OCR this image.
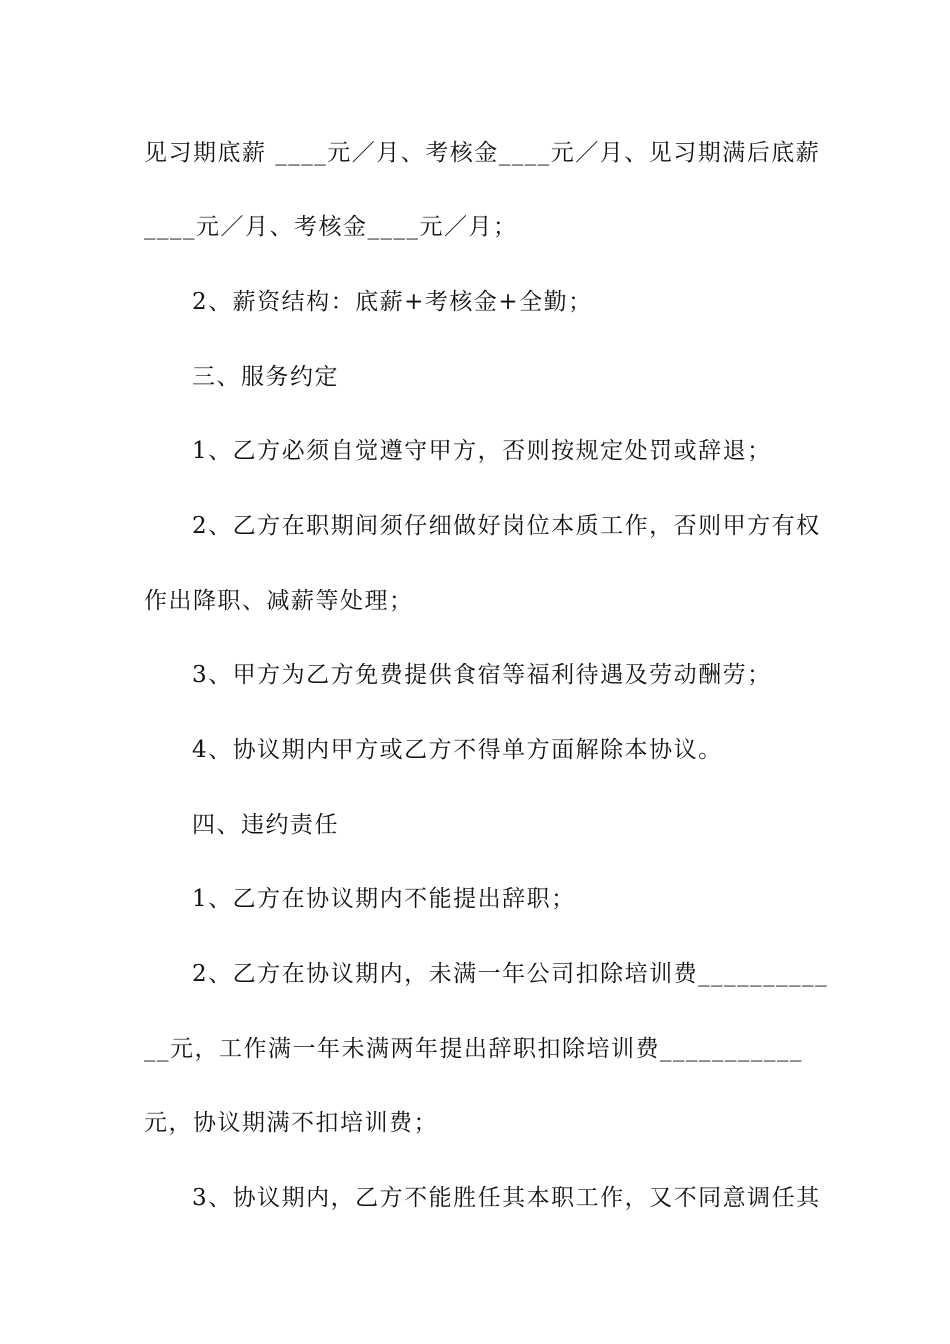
见习期底薪 ____元／月、考核金____元／月、见习期满后底薪
____元／月、考核金____元／月；
2、薪资结构：底薪+考核金+全勤；
三、服务约定
1、乙方必须自觉遵守甲方，否则按规定处罚或辞退；
2、乙方在职期间须仔细做好岗位本质工作，否则甲方有权
作出降职、减薪等处理；
3、甲方为乙方免费提供食宿等福利待遇及劳动酬劳；
4、协议期内甲方或乙方不得单方面解除本协议。
四、违约责任
1、乙方在协议期内不能提出辞职；
2、乙方在协议期内，未满一年公司扣除培训费__________
__元，工作满一年未满两年提出辞职扣除培训费___________
元，协议期满不扣培训费；
3、协议期内，乙方不能胜任其本职工作，又不同意调任其
